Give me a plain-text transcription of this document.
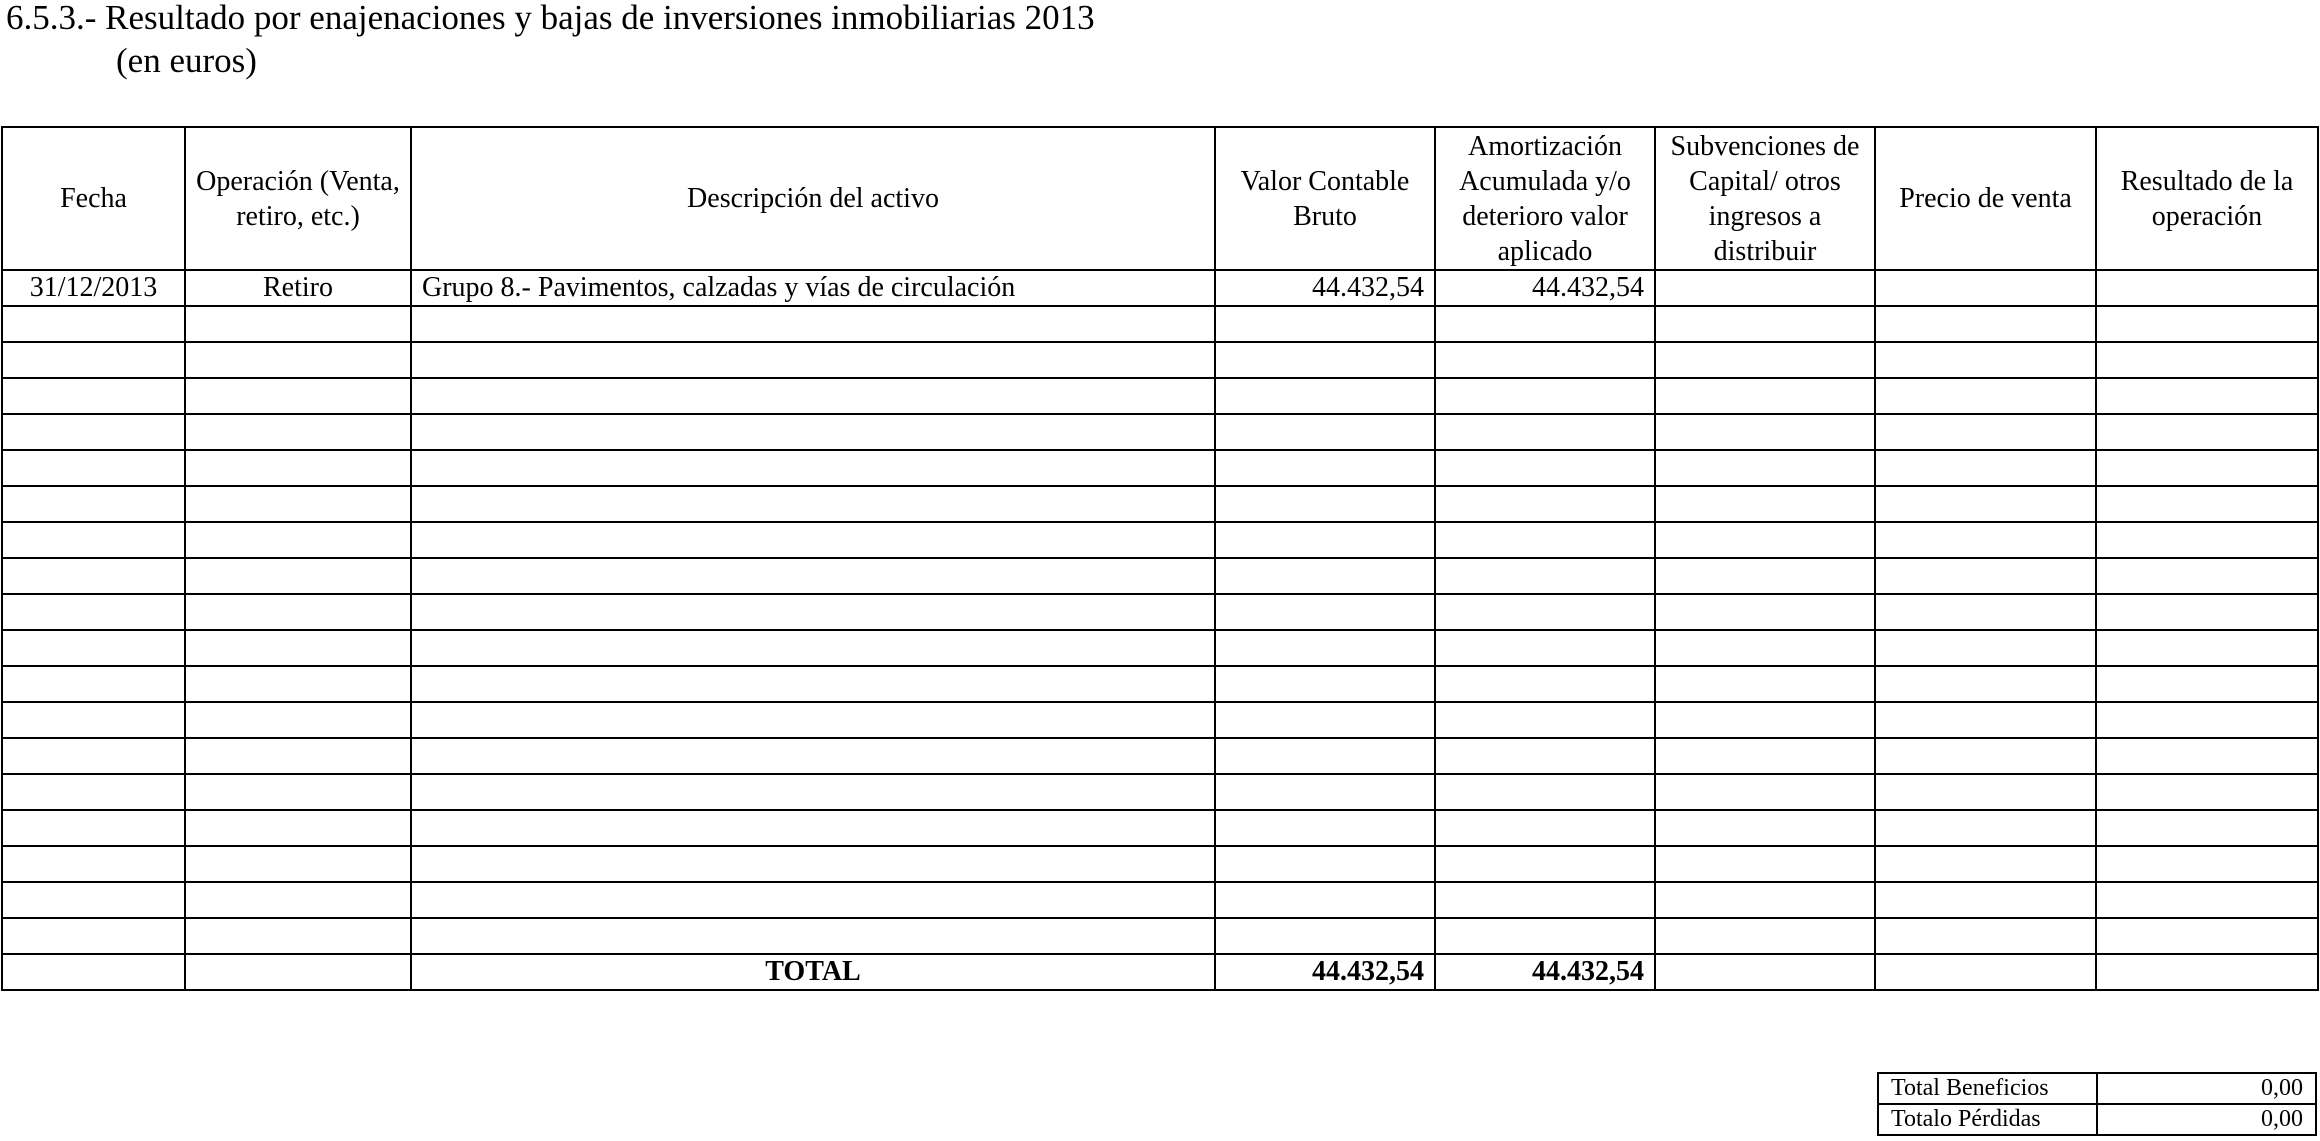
6.5.3.- Resultado por enajenaciones y bajas de inversiones inmobiliarias 2013
(en euros)
Fecha	Operación (Venta, retiro, etc.)	Descripción del activo	Valor Contable Bruto	Amortización Acumulada y/o deterioro valor aplicado	Subvenciones de Capital/ otros ingresos a distribuir	Precio de venta	Resultado de la operación
31/12/2013	Retiro	Grupo 8.- Pavimentos, calzadas y vías de circulación	44.432,54	44.432,54			

		TOTAL	44.432,54	44.432,54			
Total Beneficios	0,00
Totalo Pérdidas	0,00
